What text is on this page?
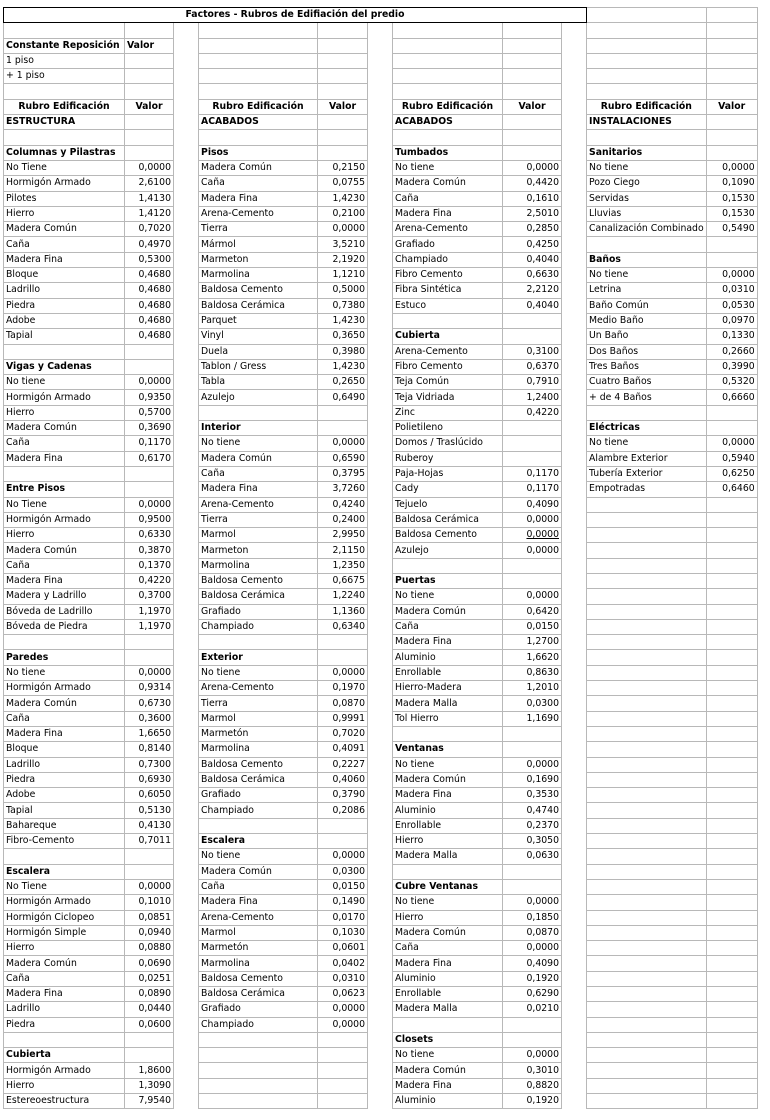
Factores - Rubros de Edifiación del predio										

Constante Reposición	Valor									
1 piso										
+ 1 piso										

Rubro Edificación	Valor		Rubro Edificación	Valor		Rubro Edificación	Valor		Rubro Edificación	Valor
ESTRUCTURA			ACABADOS			ACABADOS			INSTALACIONES	

Columnas y Pilastras			Pisos			Tumbados			Sanitarios	
No Tiene	0,0000		Madera Común	0,2150		No tiene	0,0000		No tiene	0,0000
Hormigón Armado	2,6100		Caña	0,0755		Madera Común	0,4420		Pozo Ciego	0,1090
Pilotes	1,4130		Madera Fina	1,4230		Caña	0,1610		Servidas	0,1530
Hierro	1,4120		Arena-Cemento	0,2100		Madera Fina	2,5010		Lluvias	0,1530
Madera Común	0,7020		Tierra	0,0000		Arena-Cemento	0,2850		Canalización Combinado	0,5490
Caña	0,4970		Mármol	3,5210		Grafiado	0,4250			
Madera Fina	0,5300		Marmeton	2,1920		Champiado	0,4040		Baños	
Bloque	0,4680		Marmolina	1,1210		Fibro Cemento	0,6630		No tiene	0,0000
Ladrillo	0,4680		Baldosa Cemento	0,5000		Fibra Sintética	2,2120		Letrina	0,0310
Piedra	0,4680		Baldosa Cerámica	0,7380		Estuco	0,4040		Baño Común	0,0530
Adobe	0,4680		Parquet	1,4230					Medio Baño	0,0970
Tapial	0,4680		Vinyl	0,3650		Cubierta			Un Baño	0,1330
			Duela	0,3980		Arena-Cemento	0,3100		Dos Baños	0,2660
Vigas y Cadenas			Tablon / Gress	1,4230		Fibro Cemento	0,6370		Tres Baños	0,3990
No tiene	0,0000		Tabla	0,2650		Teja Común	0,7910		Cuatro Baños	0,5320
Hormigón Armado	0,9350		Azulejo	0,6490		Teja Vidriada	1,2400		+ de 4 Baños	0,6660
Hierro	0,5700					Zinc	0,4220			
Madera Común	0,3690		Interior			Polietileno			Eléctricas	
Caña	0,1170		No tiene	0,0000		Domos / Traslúcido			No tiene	0,0000
Madera Fina	0,6170		Madera Común	0,6590		Ruberoy			Alambre Exterior	0,5940
			Caña	0,3795		Paja-Hojas	0,1170		Tubería Exterior	0,6250
Entre Pisos			Madera Fina	3,7260		Cady	0,1170		Empotradas	0,6460
No Tiene	0,0000		Arena-Cemento	0,4240		Tejuelo	0,4090			
Hormigón Armado	0,9500		Tierra	0,2400		Baldosa Cerámica	0,0000			
Hierro	0,6330		Marmol	2,9950		Baldosa Cemento	0,0000			
Madera Común	0,3870		Marmeton	2,1150		Azulejo	0,0000			
Caña	0,1370		Marmolina	1,2350						
Madera Fina	0,4220		Baldosa Cemento	0,6675		Puertas				
Madera y Ladrillo	0,3700		Baldosa Cerámica	1,2240		No tiene	0,0000			
Bóveda de Ladrillo	1,1970		Grafiado	1,1360		Madera Común	0,6420			
Bóveda de Piedra	1,1970		Champiado	0,6340		Caña	0,0150			
						Madera Fina	1,2700			
Paredes			Exterior			Aluminio	1,6620			
No tiene	0,0000		No tiene	0,0000		Enrollable	0,8630			
Hormigón Armado	0,9314		Arena-Cemento	0,1970		Hierro-Madera	1,2010			
Madera Común	0,6730		Tierra	0,0870		Madera Malla	0,0300			
Caña	0,3600		Marmol	0,9991		Tol Hierro	1,1690			
Madera Fina	1,6650		Marmetón	0,7020						
Bloque	0,8140		Marmolina	0,4091		Ventanas				
Ladrillo	0,7300		Baldosa Cemento	0,2227		No tiene	0,0000			
Piedra	0,6930		Baldosa Cerámica	0,4060		Madera Común	0,1690			
Adobe	0,6050		Grafiado	0,3790		Madera Fina	0,3530			
Tapial	0,5130		Champiado	0,2086		Aluminio	0,4740			
Bahareque	0,4130					Enrollable	0,2370			
Fibro-Cemento	0,7011		Escalera			Hierro	0,3050			
			No tiene	0,0000		Madera Malla	0,0630			
Escalera			Madera Común	0,0300						
No Tiene	0,0000		Caña	0,0150		Cubre Ventanas				
Hormigón Armado	0,1010		Madera Fina	0,1490		No tiene	0,0000			
Hormigón Ciclopeo	0,0851		Arena-Cemento	0,0170		Hierro	0,1850			
Hormigón Simple	0,0940		Marmol	0,1030		Madera Común	0,0870			
Hierro	0,0880		Marmetón	0,0601		Caña	0,0000			
Madera Común	0,0690		Marmolina	0,0402		Madera Fina	0,4090			
Caña	0,0251		Baldosa Cemento	0,0310		Aluminio	0,1920			
Madera Fina	0,0890		Baldosa Cerámica	0,0623		Enrollable	0,6290			
Ladrillo	0,0440		Grafiado	0,0000		Madera Malla	0,0210			
Piedra	0,0600		Champiado	0,0000						
						Closets				
Cubierta						No tiene	0,0000			
Hormigón Armado	1,8600					Madera Común	0,3010			
Hierro	1,3090					Madera Fina	0,8820			
Estereoestructura	7,9540					Aluminio	0,1920			
